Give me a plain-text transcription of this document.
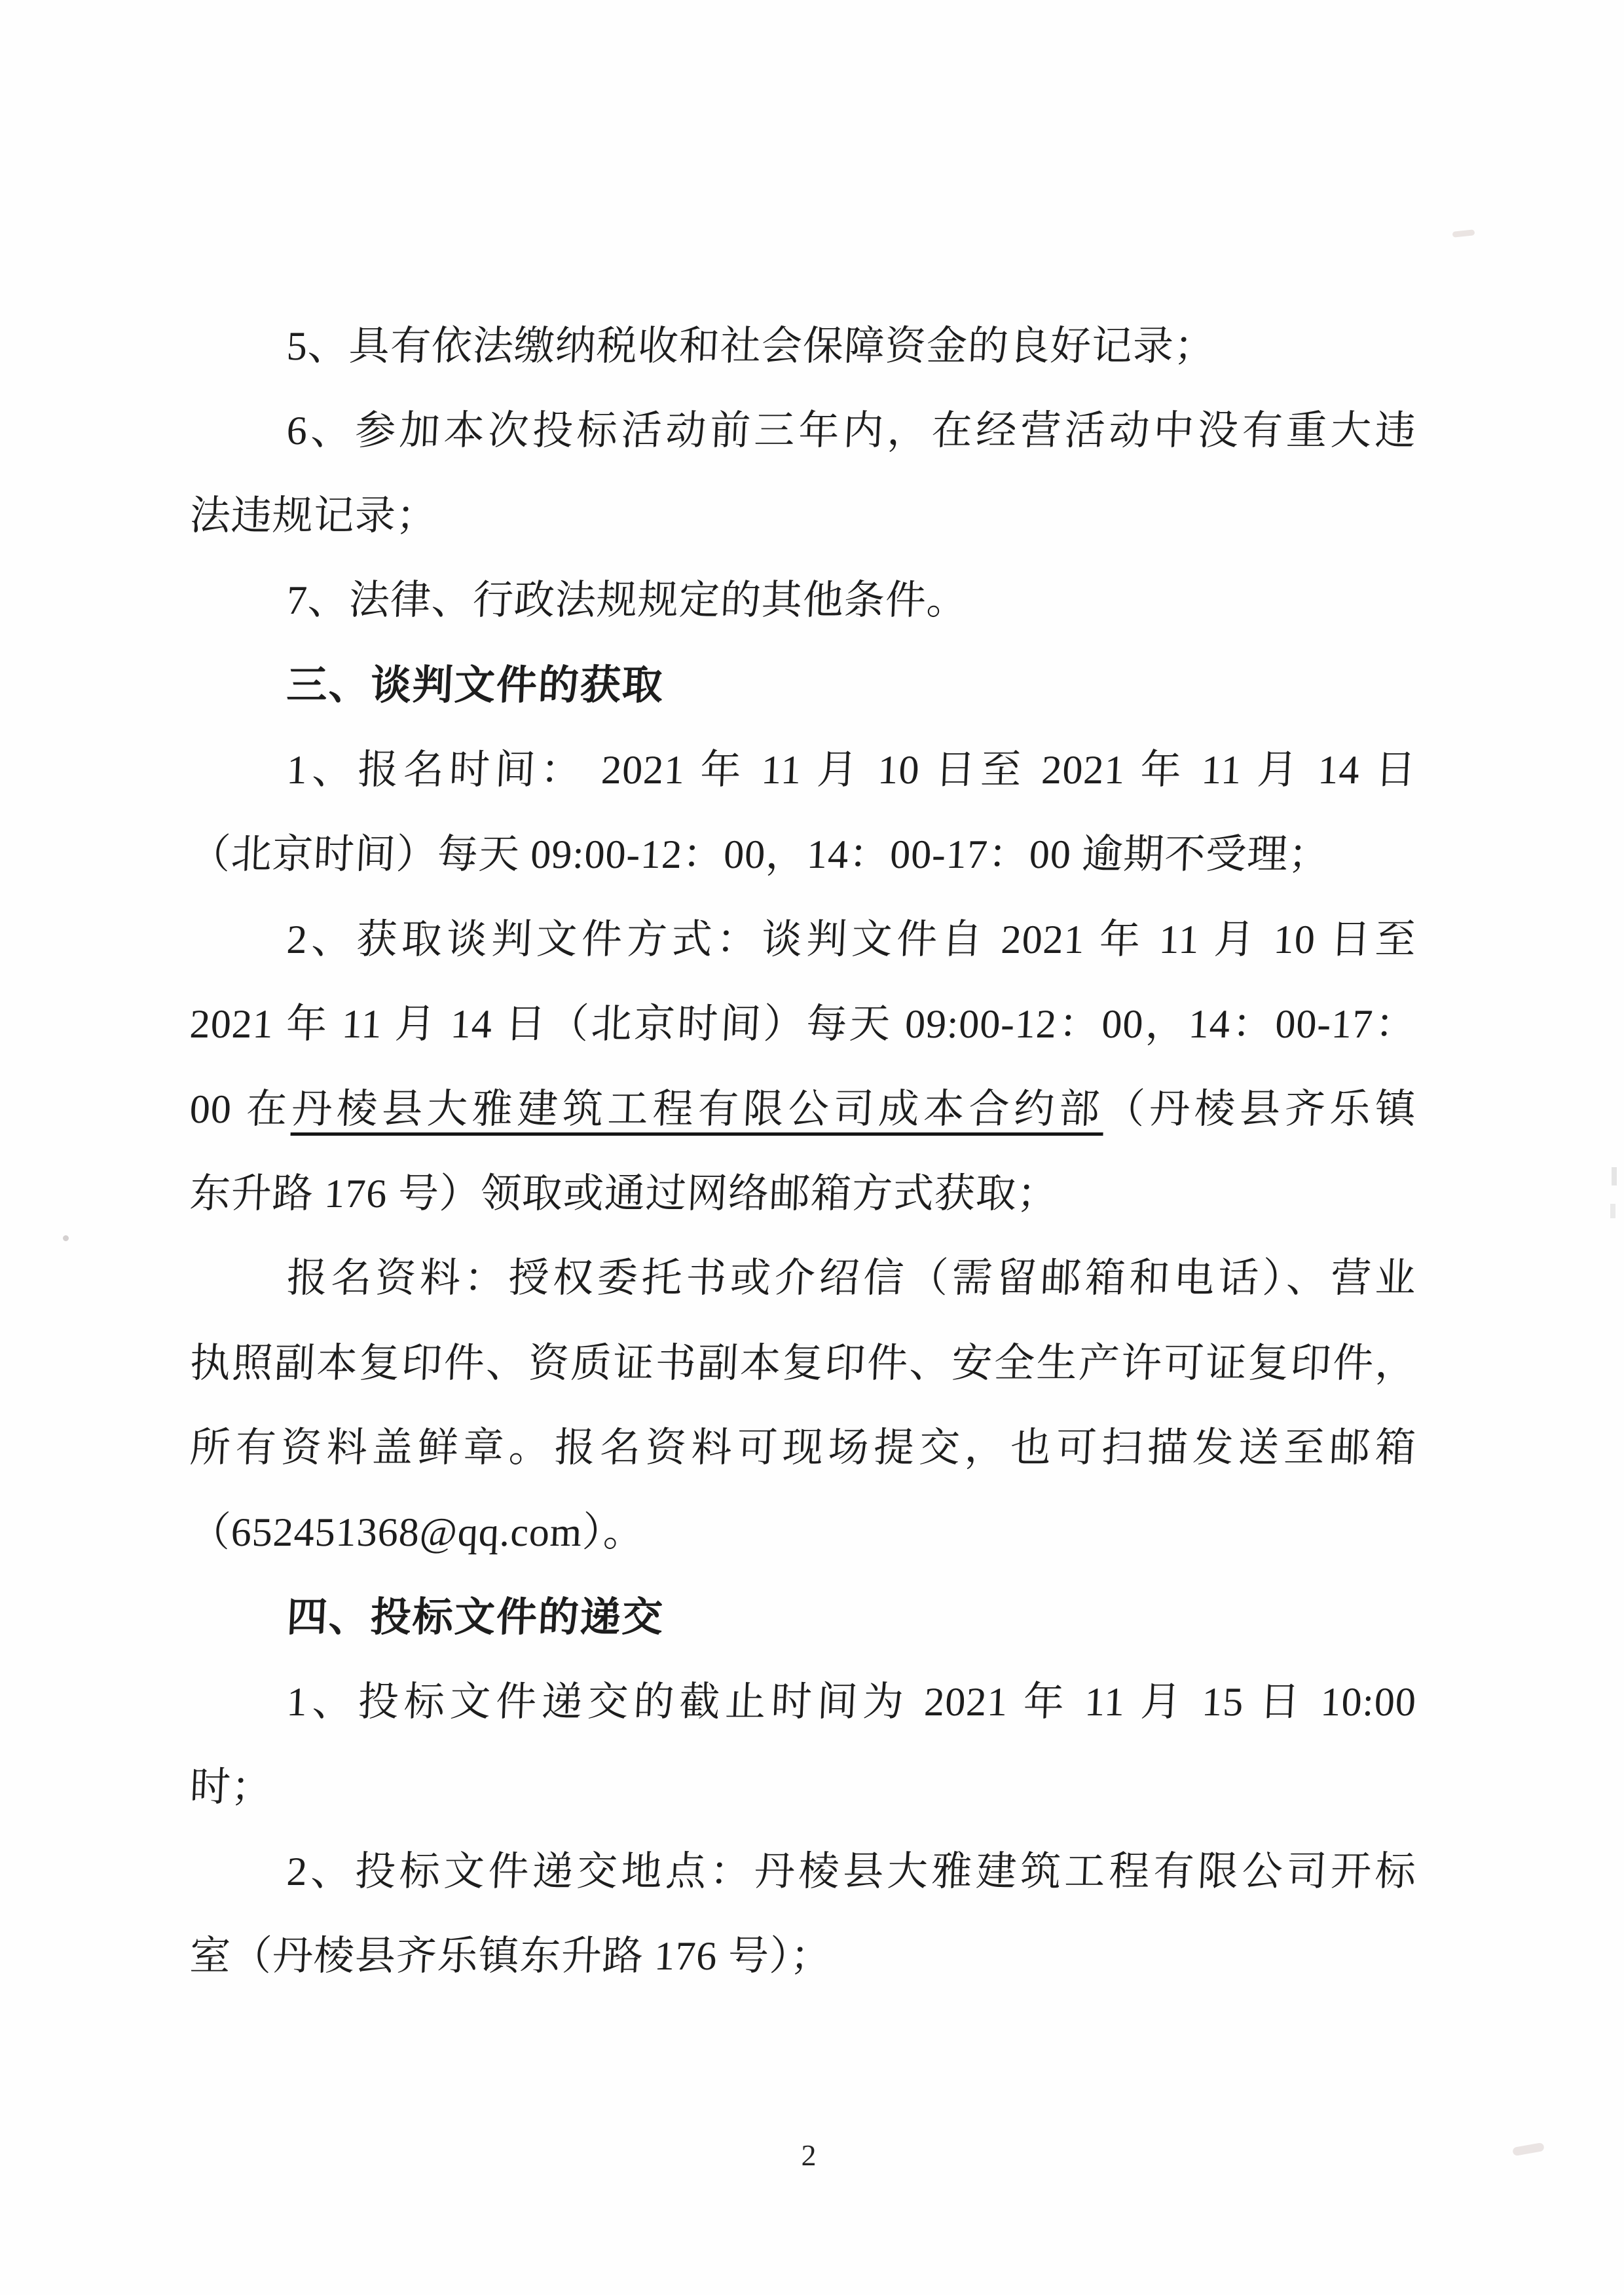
5、具有依法缴纳税收和社会保障资金的良好记录；
6、参加本次投标活动前三年内，在经营活动中没有重大违
法违规记录；
7、法律、行政法规规定的其他条件。
三、谈判文件的获取
1、报名时间： 2021 年 11 月 10 日至 2021 年 11 月 14 日
（北京时间）每天 09:00-12：00，14：00-17：00 逾期不受理；
2、获取谈判文件方式：谈判文件自 2021 年 11 月 10 日至
2021 年 11 月 14 日（北京时间）每天 09:00-12：00，14：00-17：
00 在丹棱县大雅建筑工程有限公司成本合约部（丹棱县齐乐镇
东升路 176 号）领取或通过网络邮箱方式获取；
报名资料：授权委托书或介绍信（需留邮箱和电话）、营业
执照副本复印件、资质证书副本复印件、安全生产许可证复印件，
所有资料盖鲜章。报名资料可现场提交，也可扫描发送至邮箱
（652451368@qq.com）。
四、投标文件的递交
1、投标文件递交的截止时间为 2021 年 11 月 15 日 10:00
时；
2、投标文件递交地点：丹棱县大雅建筑工程有限公司开标
室（丹棱县齐乐镇东升路 176 号）；
2
